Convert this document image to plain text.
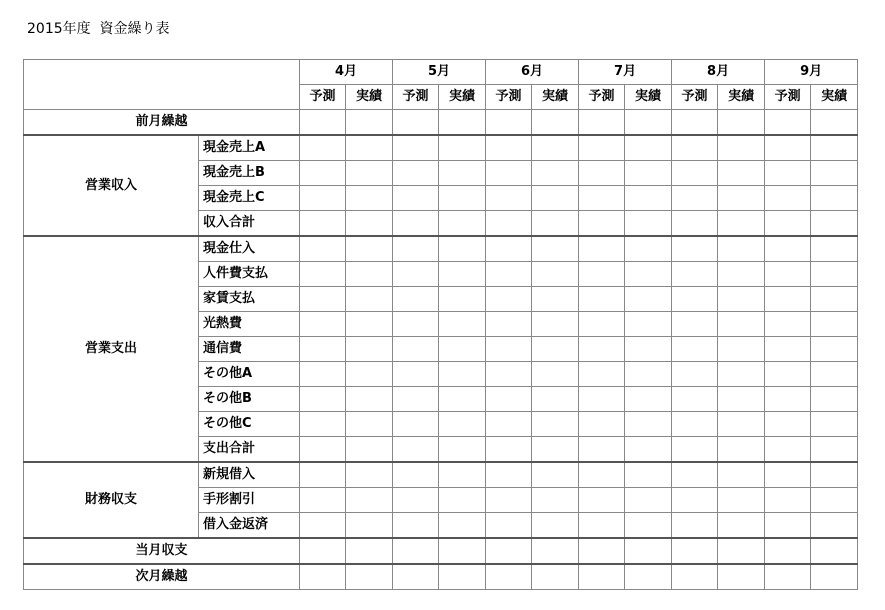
2015年度  資金繰り表
		4月		5月		6月		7月		8月		9月	
		予測	実績	予測	実績	予測	実績	予測	実績	予測	実績	予測	実績
前月繰越													
営業収入	現金売上A												
	現金売上B												
	現金売上C												
	収入合計												
営業支出	現金仕入												
	人件費支払												
	家賃支払												
	光熱費												
	通信費												
	その他A												
	その他B												
	その他C												
	支出合計												
財務収支	新規借入												
	手形割引												
	借入金返済												
当月収支													
次月繰越													
